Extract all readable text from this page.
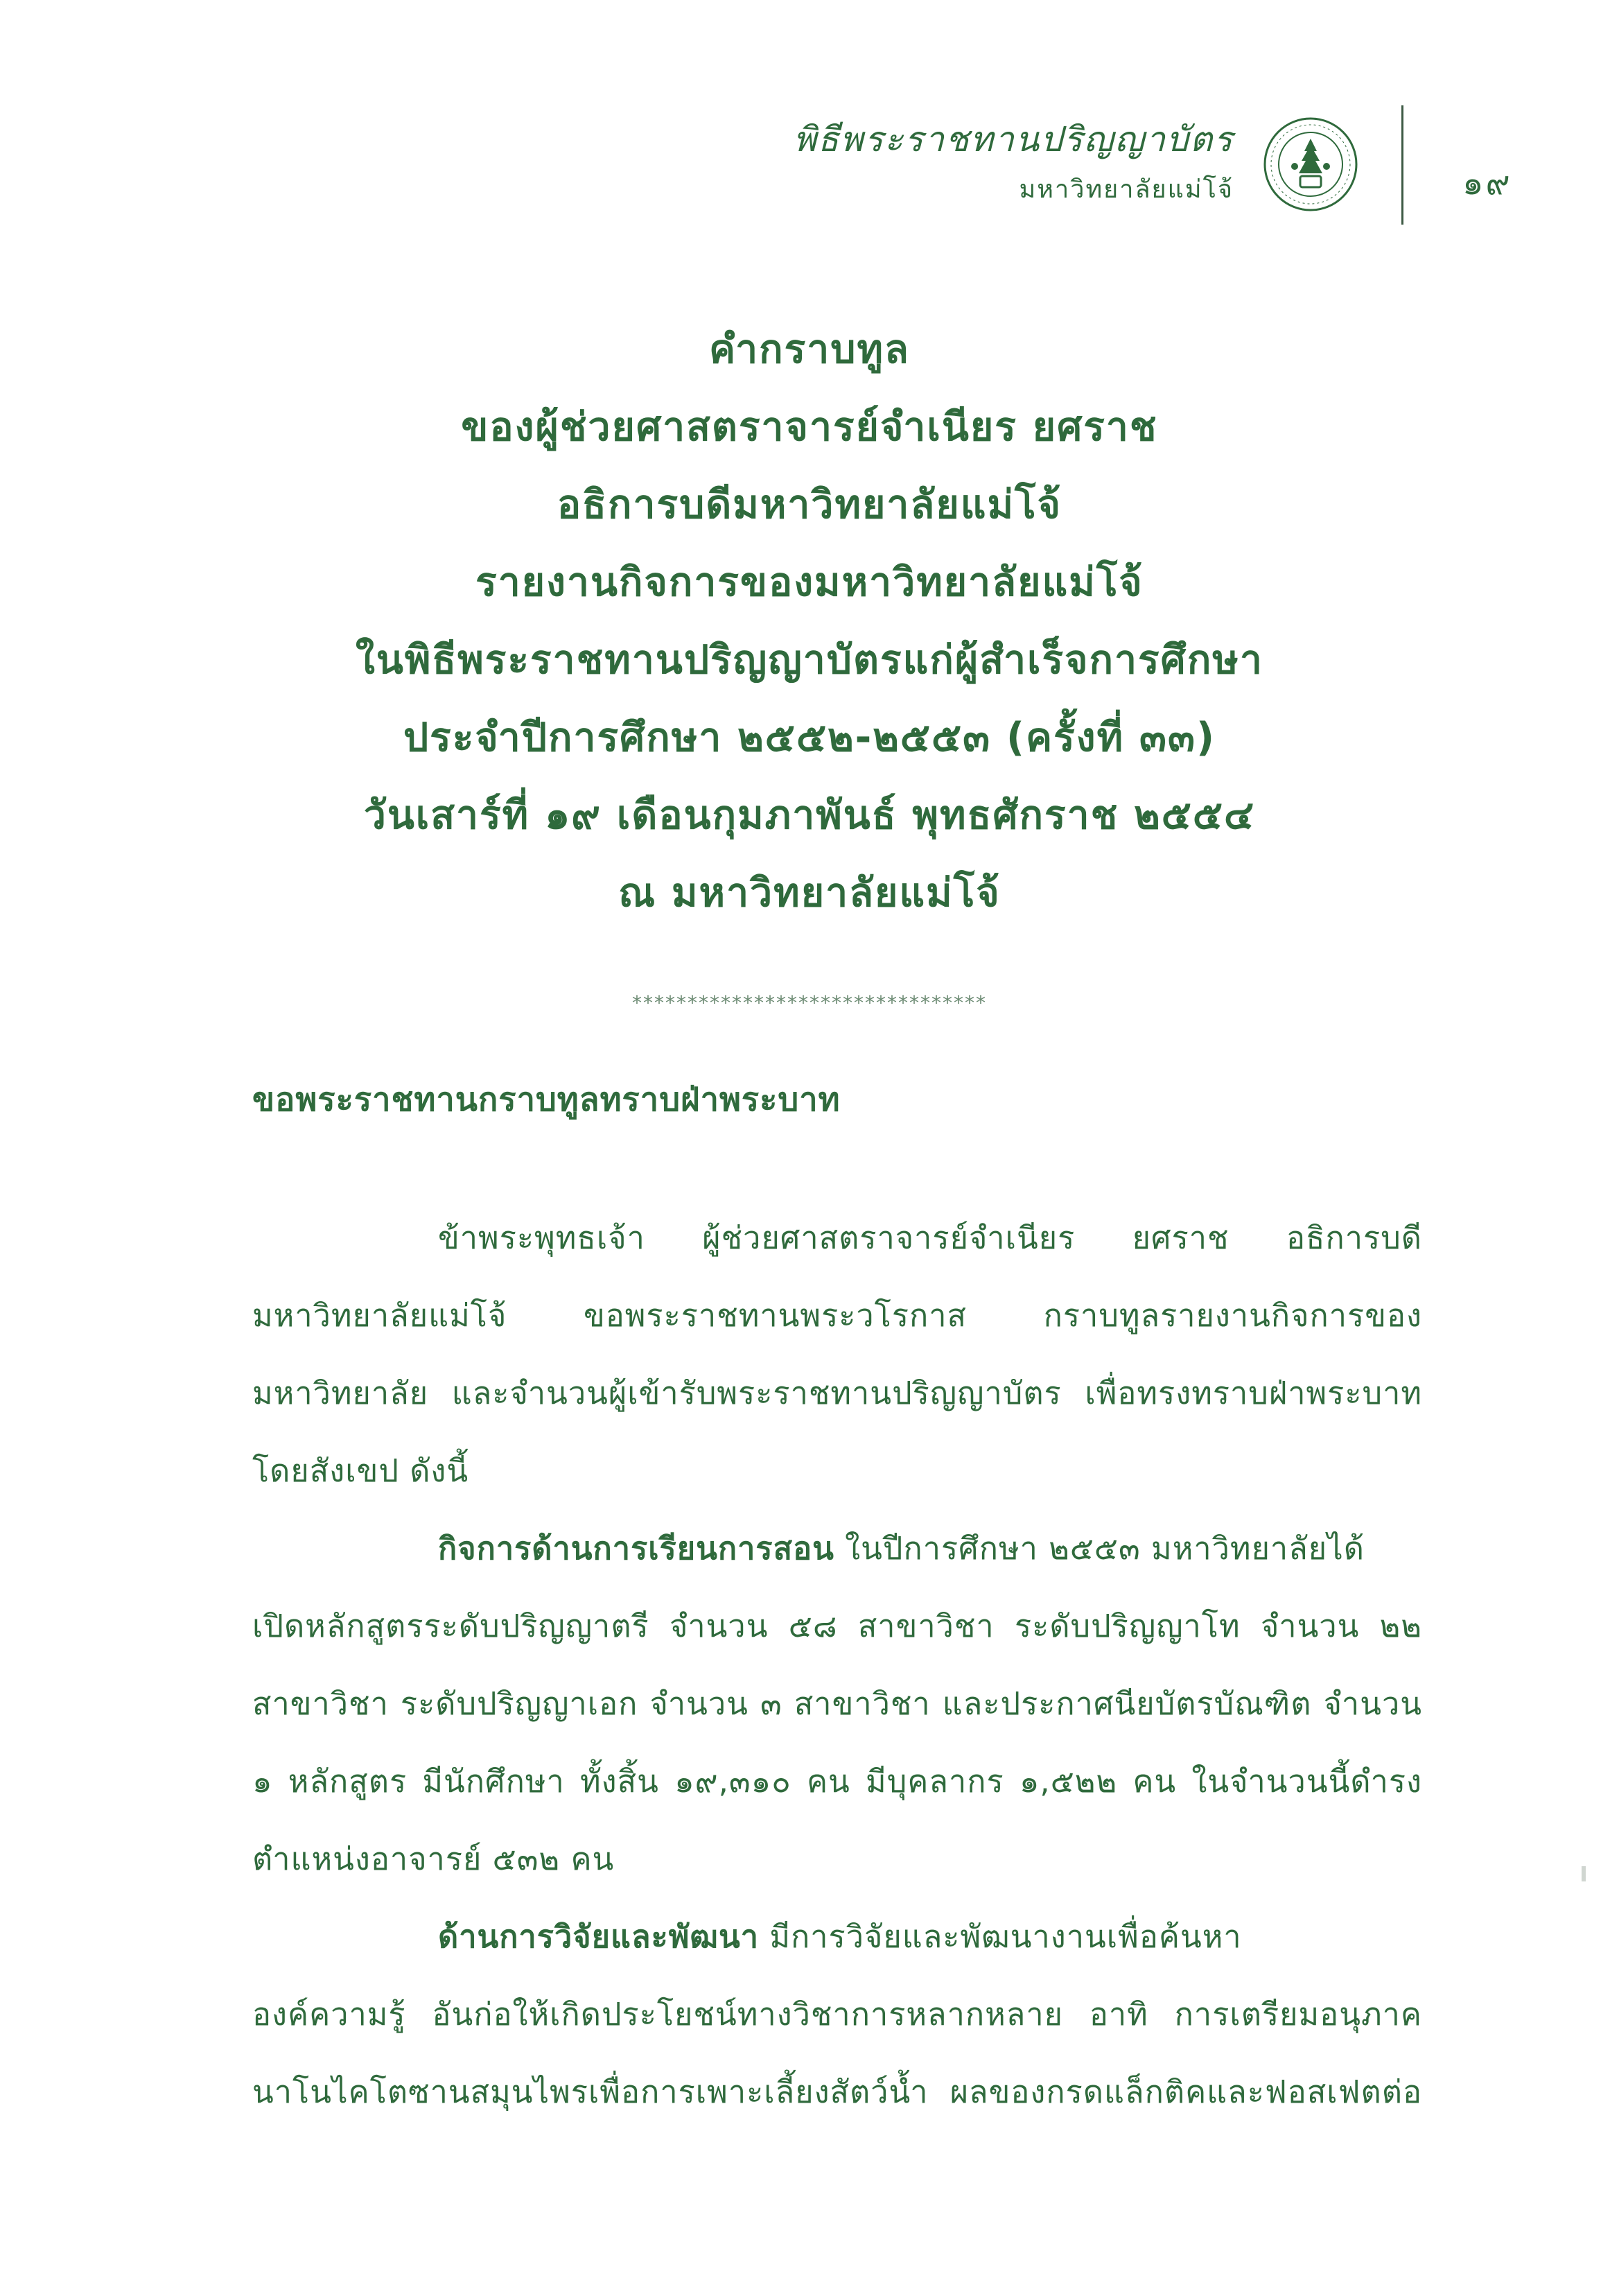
พิธีพระราชทานปริญญาบัตร
มหาวิทยาลัยแม่โจ้	๑๙
คำกราบทูล
ของผู้ช่วยศาสตราจารย์จำเนียร ยศราช
อธิการบดีมหาวิทยาลัยแม่โจ้
รายงานกิจการของมหาวิทยาลัยแม่โจ้
ในพิธีพระราชทานปริญญาบัตรแก่ผู้สำเร็จการศึกษา
ประจำปีการศึกษา ๒๕๕๒-๒๕๕๓ (ครั้งที่ ๓๓)
วันเสาร์ที่ ๑๙ เดือนกุมภาพันธ์ พุทธศักราช ๒๕๕๔
ณ มหาวิทยาลัยแม่โจ้
********************************
ขอพระราชทานกราบทูลทราบฝ่าพระบาท
ข้าพระพุทธเจ้า ผู้ช่วยศาสตราจารย์จำเนียร ยศราช อธิการบดี
มหาวิทยาลัยแม่โจ้ ขอพระราชทานพระวโรกาส กราบทูลรายงานกิจการของ
มหาวิทยาลัย และจำนวนผู้เข้ารับพระราชทานปริญญาบัตร เพื่อทรงทราบฝ่าพระบาท
โดยสังเขป ดังนี้
กิจการด้านการเรียนการสอน ในปีการศึกษา ๒๕๕๓ มหาวิทยาลัยได้
เปิดหลักสูตรระดับปริญญาตรี จำนวน ๕๘ สาขาวิชา ระดับปริญญาโท จำนวน ๒๒
สาขาวิชา ระดับปริญญาเอก จำนวน ๓ สาขาวิชา และประกาศนียบัตรบัณฑิต จำนวน
๑ หลักสูตร มีนักศึกษา ทั้งสิ้น ๑๙,๓๑๐ คน มีบุคลากร ๑,๕๒๒ คน ในจำนวนนี้ดำรง
ตำแหน่งอาจารย์ ๕๓๒ คน
ด้านการวิจัยและพัฒนา มีการวิจัยและพัฒนางานเพื่อค้นหา
องค์ความรู้ อันก่อให้เกิดประโยชน์ทางวิชาการหลากหลาย อาทิ การเตรียมอนุภาค
นาโนไคโตซานสมุนไพรเพื่อการเพาะเลี้ยงสัตว์น้ำ ผลของกรดแล็กติคและฟอสเฟตต่อ
